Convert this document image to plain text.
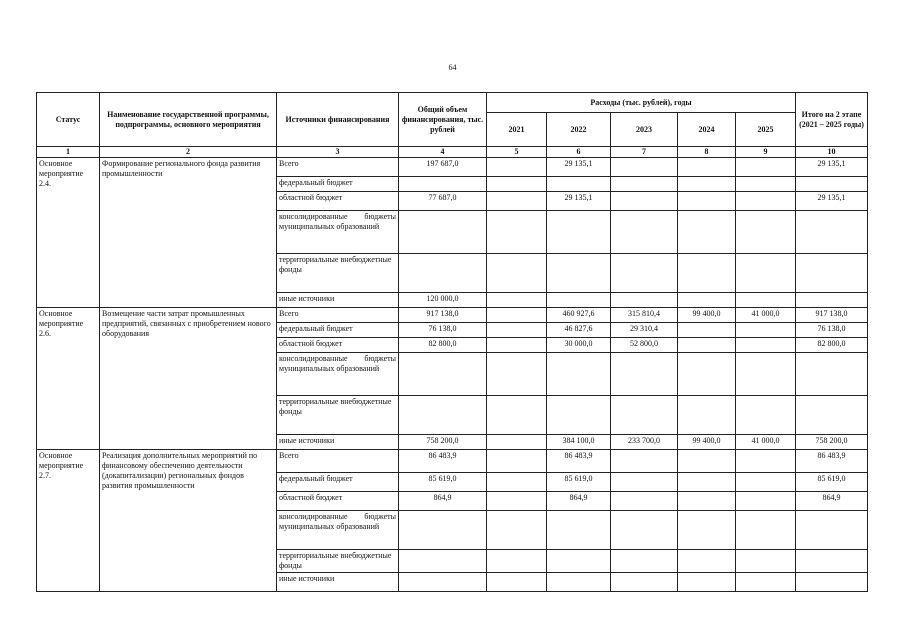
64
Статус	Наименование государственной программы, подпрограммы, основного мероприятия	Источники финансирования	Общий объем финансирования, тыс. рублей	Расходы (тыс. рублей), годы					Итого на 2 этапе (2021 – 2025 годы)
				2021	2022	2023	2024	2025	
1	2	3	4	5	6	7	8	9	10
Основное мероприятие 2.4.	Формирование регионального фонда развития промышленности	Всего	197 687,0		29 135,1				29 135,1
		федеральный бюджет							
		областной бюджет	77 687,0		29 135,1				29 135,1
		консолидированные бюджеты муниципальных образований							
		территориальные внебюджетные фонды							
		иные источники	120 000,0						
Основное мероприятие 2.6.	Возмещение части затрат промышленных предприятий, связанных с приобретением нового оборудования	Всего	917 138,0		460 927,6	315 810,4	99 400,0	41 000,0	917 138,0
		федеральный бюджет	76 138,0		46 827,6	29 310,4			76 138,0
		областной бюджет	82 800,0		30 000,0	52 800,0			82 800,0
		консолидированные бюджеты муниципальных образований							
		территориальные внебюджетные фонды							
		иные источники	758 200,0		384 100,0	233 700,0	99 400,0	41 000,0	758 200,0
Основное мероприятие 2.7.	Реализация дополнительных мероприятий по финансовому обеспечению деятельности (докапитализации) региональных фондов развития промышленности	Всего	86 483,9		86 483,9				86 483,9
		федеральный бюджет	85 619,0		85 619,0				85 619,0
		областной бюджет	864,9		864,9				864,9
		консолидированные бюджеты муниципальных образований							
		территориальные внебюджетные фонды							
		иные источники							
